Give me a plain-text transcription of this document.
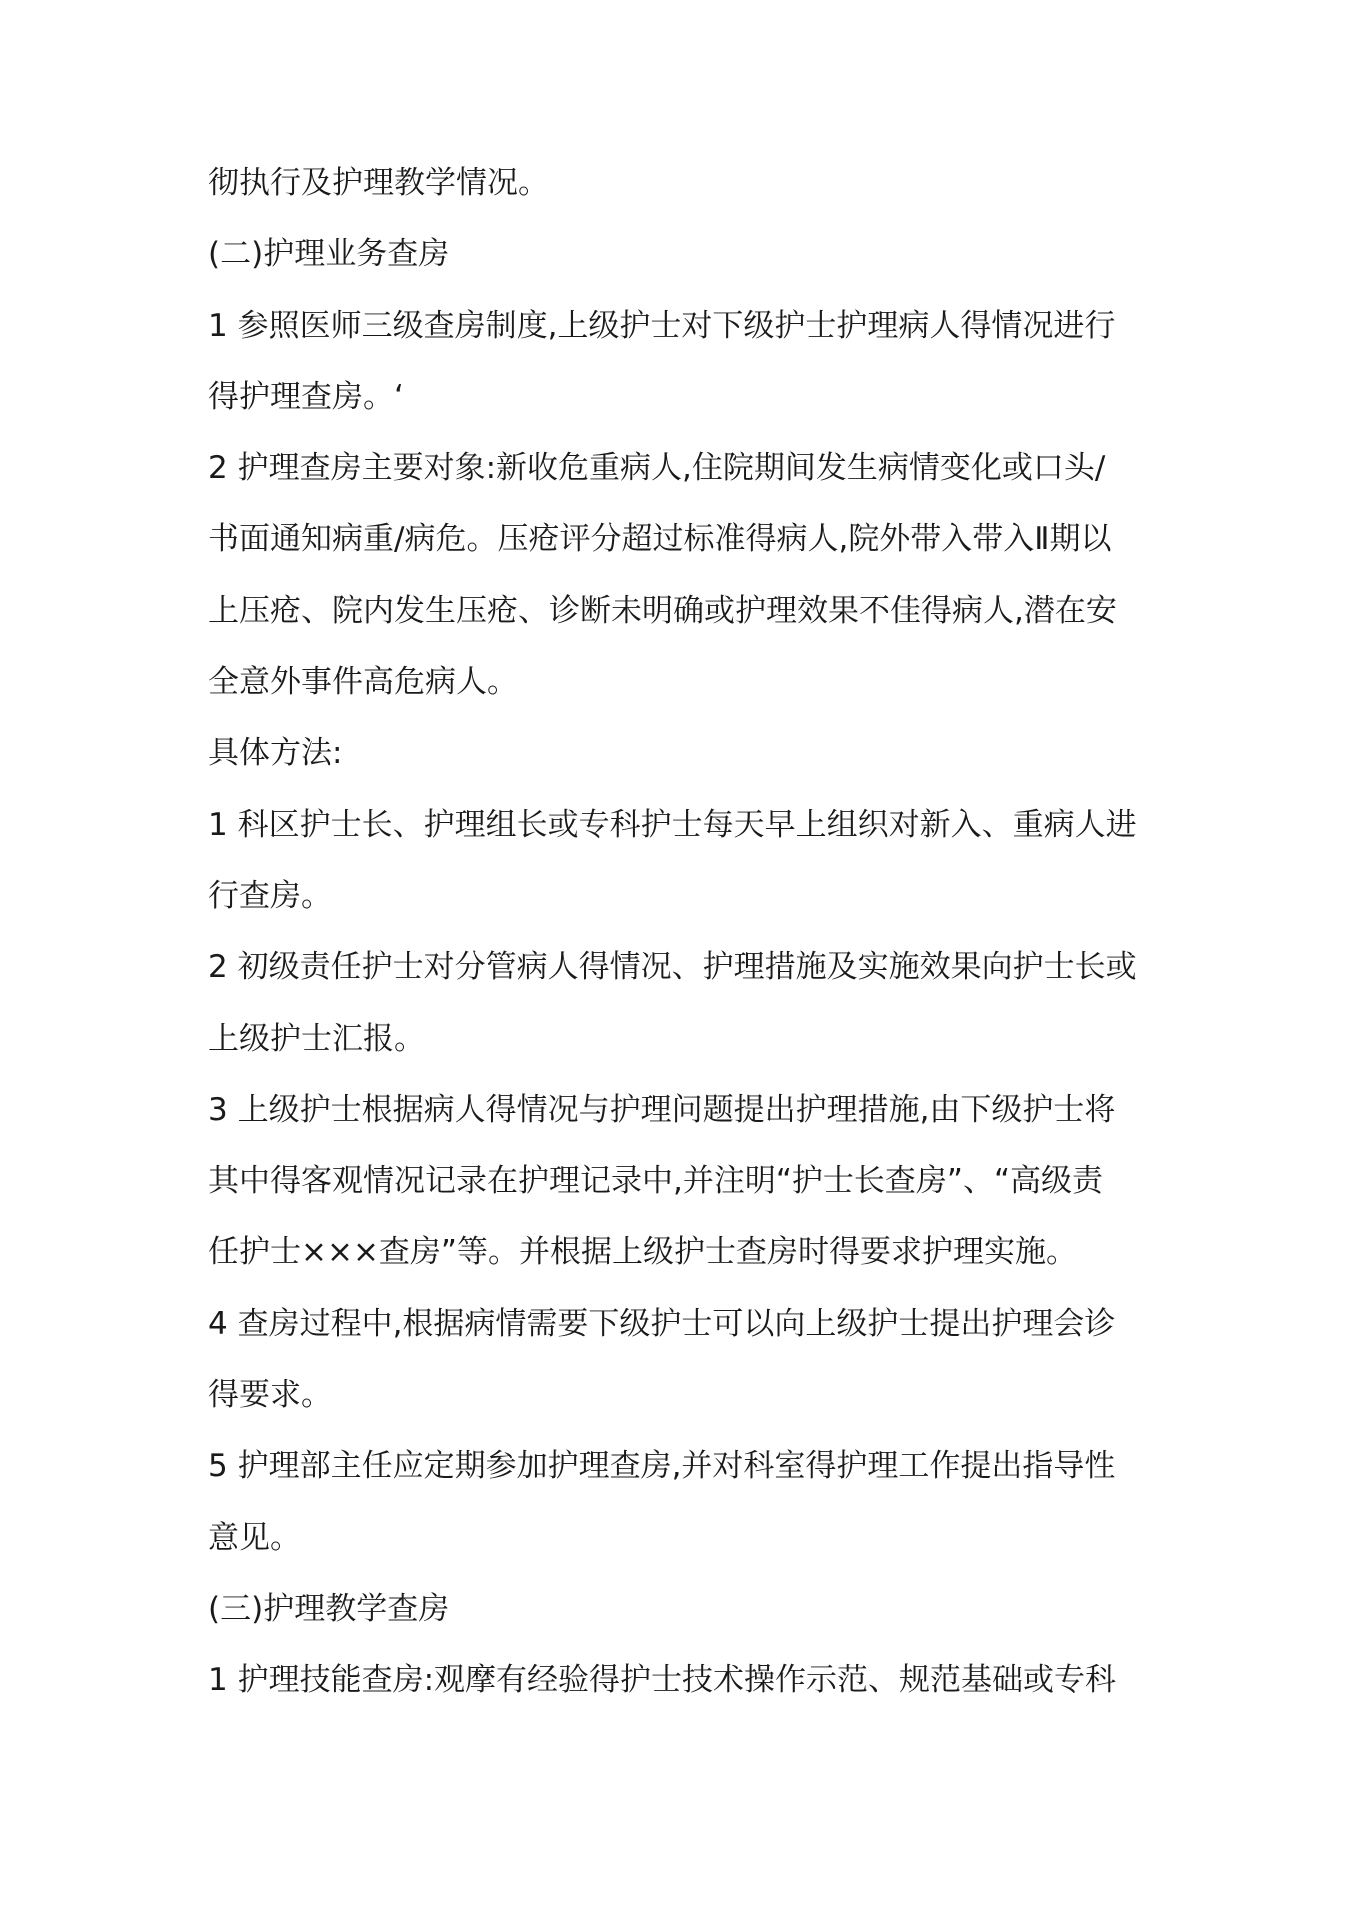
彻执行及护理教学情况。
(二)护理业务查房
1 参照医师三级查房制度,上级护士对下级护士护理病人得情况进行
得护理查房。‘
2 护理查房主要对象:新收危重病人,住院期间发生病情变化或口头/
书面通知病重/病危。压疮评分超过标准得病人,院外带入带入Ⅱ期以
上压疮、院内发生压疮、诊断未明确或护理效果不佳得病人,潜在安
全意外事件高危病人。
具体方法:
1 科区护士长、护理组长或专科护士每天早上组织对新入、重病人进
行查房。
2 初级责任护士对分管病人得情况、护理措施及实施效果向护士长或
上级护士汇报。
3 上级护士根据病人得情况与护理问题提出护理措施,由下级护士将
其中得客观情况记录在护理记录中,并注明“护士长查房”、“高级责
任护士×××查房”等。并根据上级护士查房时得要求护理实施。
4 查房过程中,根据病情需要下级护士可以向上级护士提出护理会诊
得要求。
5 护理部主任应定期参加护理查房,并对科室得护理工作提出指导性
意见。
(三)护理教学查房
1 护理技能查房:观摩有经验得护士技术操作示范、规范基础或专科
